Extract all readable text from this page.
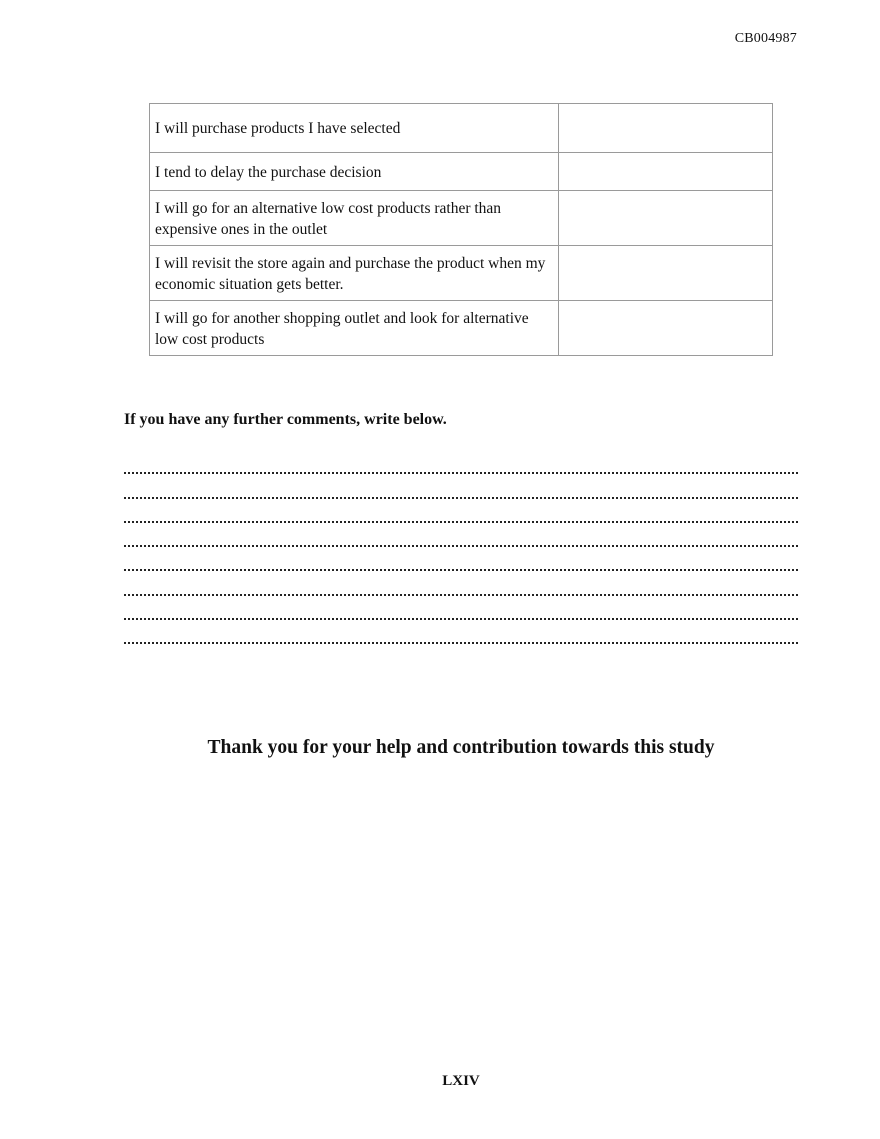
CB004987
I will purchase products I have selected	
I tend to delay the purchase decision	
I will go for an alternative low cost products rather than expensive ones in the outlet	
I will revisit the store again and purchase the product when my economic situation gets better.	
I will go for another shopping outlet and look for alternative low cost products	
If you have any further comments, write below.
Thank you for your help and contribution towards this study
LXIV
